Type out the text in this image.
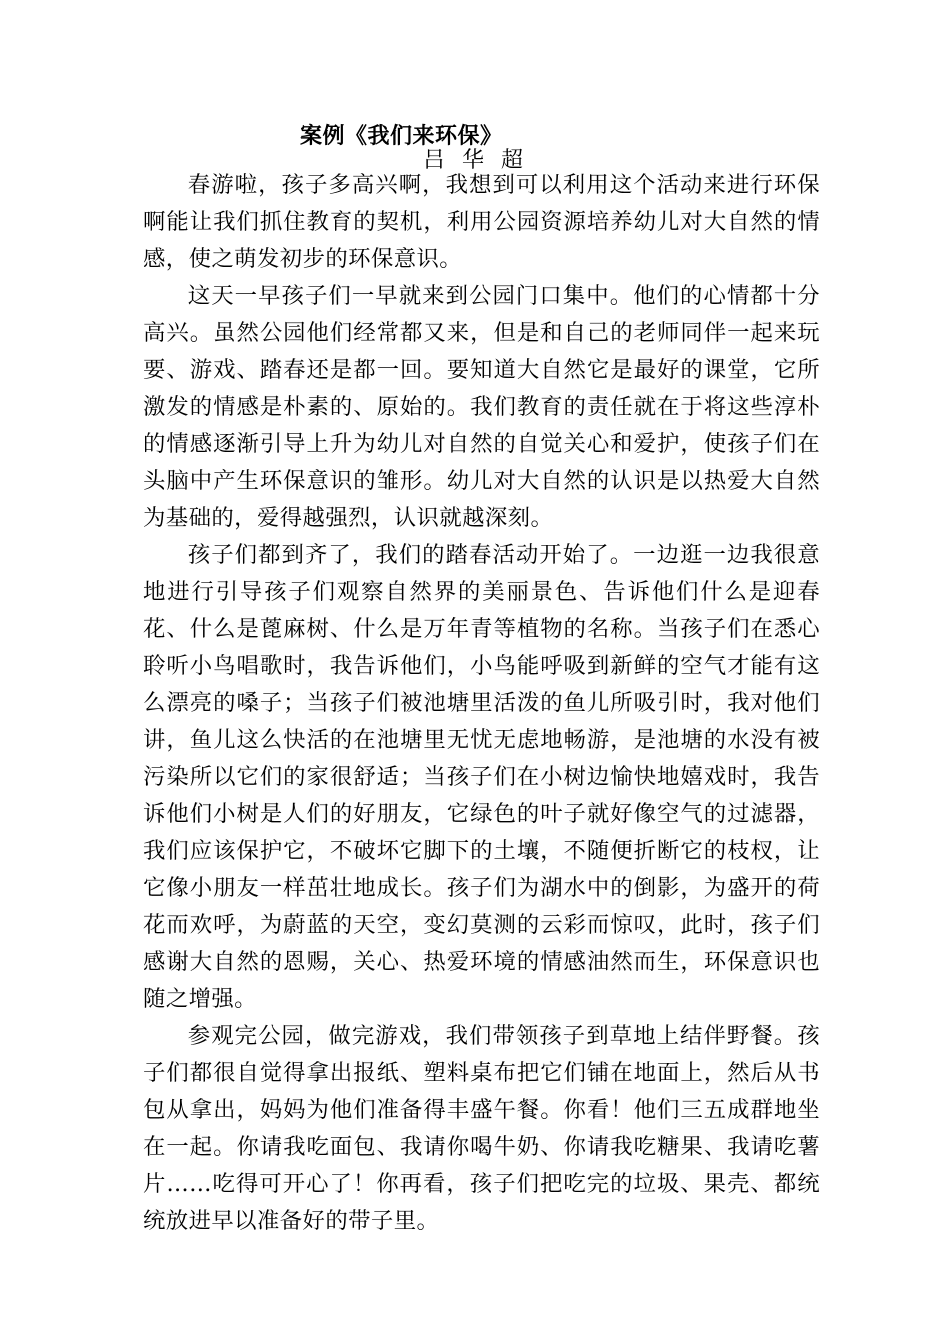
案例《我们来环保》
吕 华 超

春游啦，孩子多高兴啊，我想到可以利用这个活动来进行环保啊能让我们抓住教育的契机，利用公园资源培养幼儿对大自然的情感，使之萌发初步的环保意识。

这天一早孩子们一早就来到公园门口集中。他们的心情都十分高兴。虽然公园他们经常都又来，但是和自己的老师同伴一起来玩要、游戏、踏春还是都一回。要知道大自然它是最好的课堂，它所激发的情感是朴素的、原始的。我们教育的责任就在于将这些淳朴的情感逐渐引导上升为幼儿对自然的自觉关心和爱护，使孩子们在头脑中产生环保意识的雏形。幼儿对大自然的认识是以热爱大自然为基础的，爱得越强烈，认识就越深刻。

孩子们都到齐了，我们的踏春活动开始了。一边逛一边我很意地进行引导孩子们观察自然界的美丽景色、告诉他们什么是迎春花、什么是蓖麻树、什么是万年青等植物的名称。当孩子们在悉心聆听小鸟唱歌时，我告诉他们，小鸟能呼吸到新鲜的空气才能有这么漂亮的嗓子；当孩子们被池塘里活泼的鱼儿所吸引时，我对他们讲，鱼儿这么快活的在池塘里无忧无虑地畅游，是池塘的水没有被污染所以它们的家很舒适；当孩子们在小树边愉快地嬉戏时，我告诉他们小树是人们的好朋友，它绿色的叶子就好像空气的过滤器，我们应该保护它，不破坏它脚下的土壤，不随便折断它的枝杈，让它像小朋友一样茁壮地成长。孩子们为湖水中的倒影，为盛开的荷花而欢呼，为蔚蓝的天空，变幻莫测的云彩而惊叹，此时，孩子们感谢大自然的恩赐，关心、热爱环境的情感油然而生，环保意识也随之增强。

参观完公园，做完游戏，我们带领孩子到草地上结伴野餐。孩子们都很自觉得拿出报纸、塑料桌布把它们铺在地面上，然后从书包从拿出，妈妈为他们准备得丰盛午餐。你看！他们三五成群地坐在一起。你请我吃面包、我请你喝牛奶、你请我吃糖果、我请吃薯片……吃得可开心了！你再看，孩子们把吃完的垃圾、果壳、都统统放进早以准备好的带子里。
